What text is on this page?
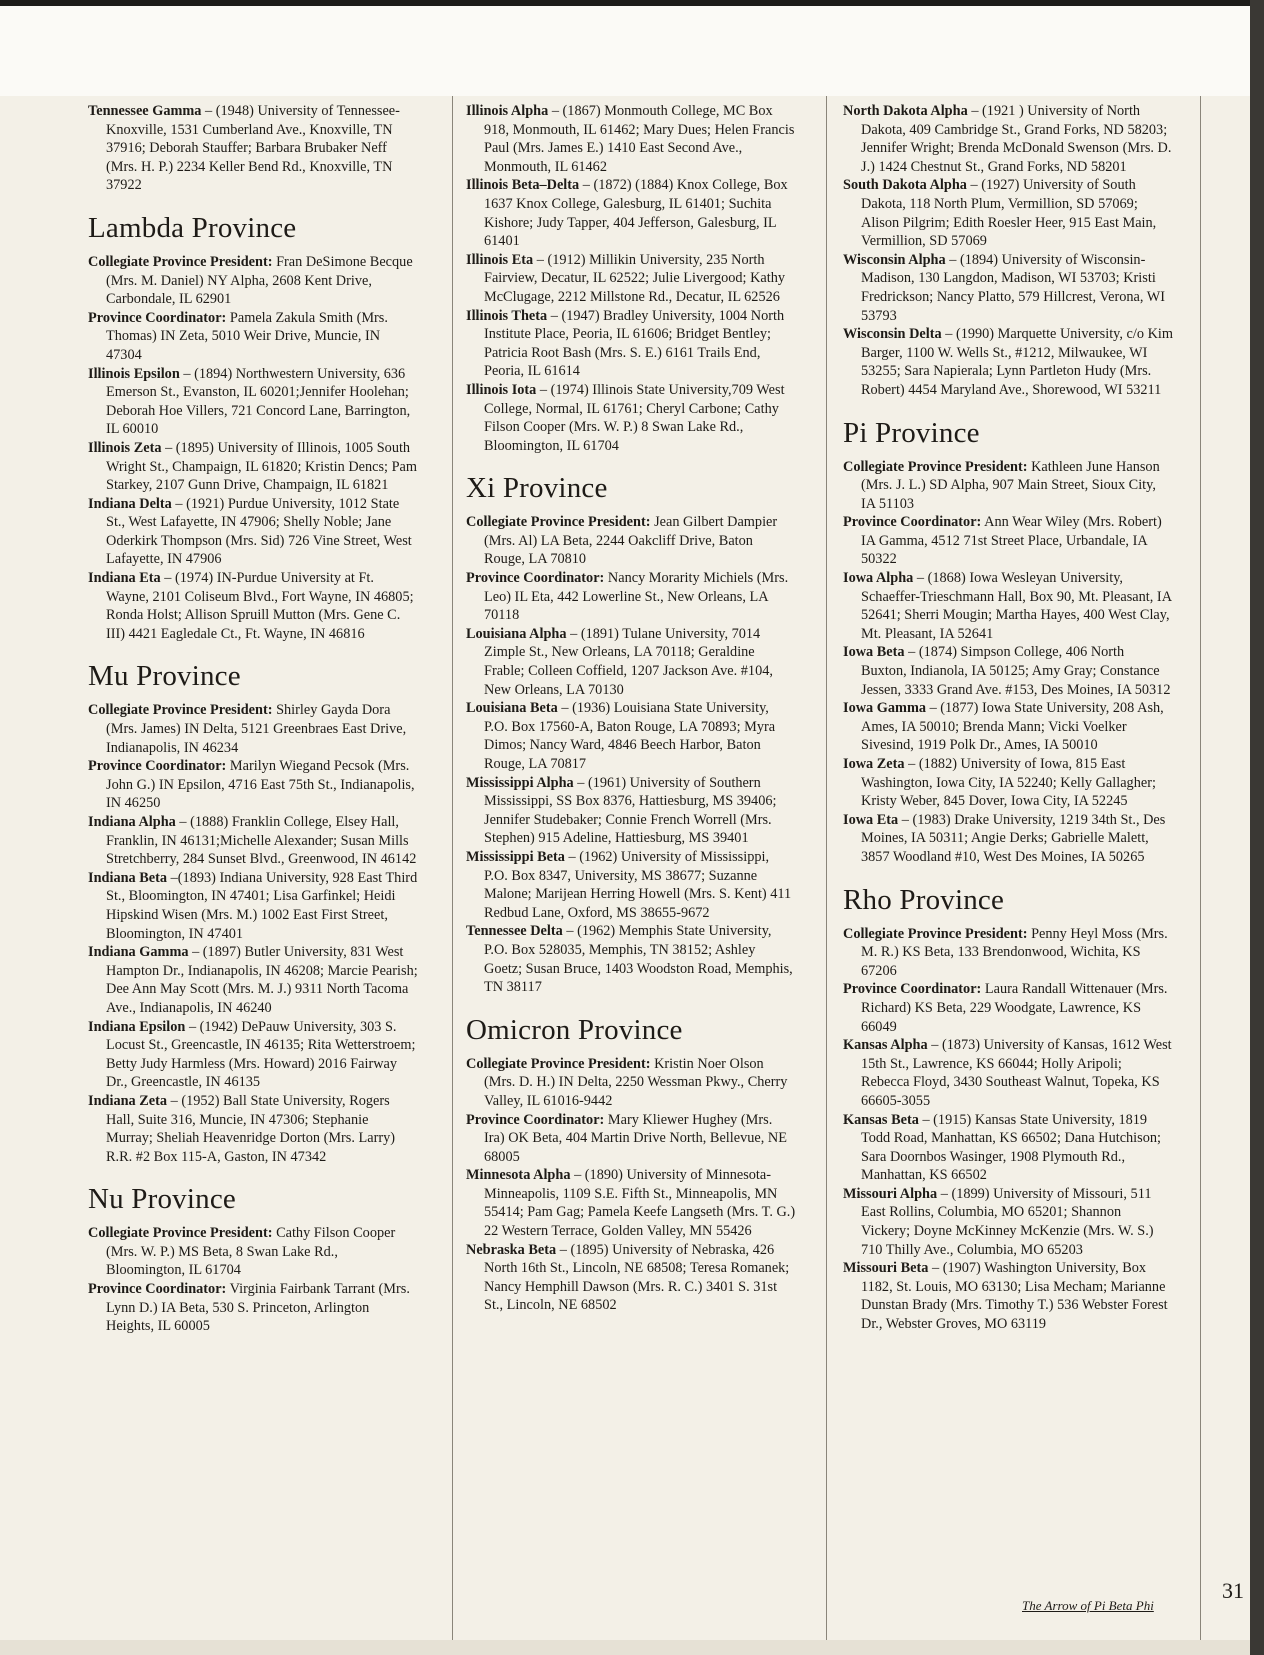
Tennessee Gamma – (1948) University of Tennessee-Knoxville, 1531 Cumberland Ave., Knoxville, TN 37916; Deborah Stauffer; Barbara Brubaker Neff (Mrs. H. P.) 2234 Keller Bend Rd., Knoxville, TN 37922

Lambda Province

Collegiate Province President: Fran DeSimone Becque (Mrs. M. Daniel) NY Alpha, 2608 Kent Drive, Carbondale, IL 62901

Province Coordinator: Pamela Zakula Smith (Mrs. Thomas) IN Zeta, 5010 Weir Drive, Muncie, IN 47304

Illinois Epsilon – (1894) Northwestern University, 636 Emerson St., Evanston, IL 60201;Jennifer Hoolehan; Deborah Hoe Villers, 721 Concord Lane, Barrington, IL 60010

Illinois Zeta – (1895) University of Illinois, 1005 South Wright St., Champaign, IL 61820; Kristin Dencs; Pam Starkey, 2107 Gunn Drive, Champaign, IL 61821

Indiana Delta – (1921) Purdue University, 1012 State St., West Lafayette, IN 47906; Shelly Noble; Jane Oderkirk Thompson (Mrs. Sid) 726 Vine Street, West Lafayette, IN 47906

Indiana Eta – (1974) IN-Purdue University at Ft. Wayne, 2101 Coliseum Blvd., Fort Wayne, IN 46805; Ronda Holst; Allison Spruill Mutton (Mrs. Gene C. III) 4421 Eagledale Ct., Ft. Wayne, IN 46816

Mu Province

Collegiate Province President: Shirley Gayda Dora (Mrs. James) IN Delta, 5121 Greenbraes East Drive, Indianapolis, IN 46234

Province Coordinator: Marilyn Wiegand Pecsok (Mrs. John G.) IN Epsilon, 4716 East 75th St., Indianapolis, IN 46250

Indiana Alpha – (1888) Franklin College, Elsey Hall, Franklin, IN 46131;Michelle Alexander; Susan Mills Stretchberry, 284 Sunset Blvd., Greenwood, IN 46142

Indiana Beta –(1893) Indiana University, 928 East Third St., Bloomington, IN 47401; Lisa Garfinkel; Heidi Hipskind Wisen (Mrs. M.) 1002 East First Street, Bloomington, IN 47401

Indiana Gamma – (1897) Butler University, 831 West Hampton Dr., Indianapolis, IN 46208; Marcie Pearish; Dee Ann May Scott (Mrs. M. J.) 9311 North Tacoma Ave., Indianapolis, IN 46240

Indiana Epsilon – (1942) DePauw University, 303 S. Locust St., Greencastle, IN 46135; Rita Wetterstroem; Betty Judy Harmless (Mrs. Howard) 2016 Fairway Dr., Greencastle, IN 46135

Indiana Zeta – (1952) Ball State University, Rogers Hall, Suite 316, Muncie, IN 47306; Stephanie Murray; Sheliah Heavenridge Dorton (Mrs. Larry) R.R. #2 Box 115-A, Gaston, IN 47342

Nu Province

Collegiate Province President: Cathy Filson Cooper (Mrs. W. P.) MS Beta, 8 Swan Lake Rd., Bloomington, IL 61704

Province Coordinator: Virginia Fairbank Tarrant (Mrs. Lynn D.) IA Beta, 530 S. Princeton, Arlington Heights, IL 60005

Illinois Alpha – (1867) Monmouth College, MC Box 918, Monmouth, IL 61462; Mary Dues; Helen Francis Paul (Mrs. James E.) 1410 East Second Ave., Monmouth, IL 61462

Illinois Beta–Delta – (1872) (1884) Knox College, Box 1637 Knox College, Galesburg, IL 61401; Suchita Kishore; Judy Tapper, 404 Jefferson, Galesburg, IL 61401

Illinois Eta – (1912) Millikin University, 235 North Fairview, Decatur, IL 62522; Julie Livergood; Kathy McClugage, 2212 Millstone Rd., Decatur, IL 62526

Illinois Theta – (1947) Bradley University, 1004 North Institute Place, Peoria, IL 61606; Bridget Bentley; Patricia Root Bash (Mrs. S. E.) 6161 Trails End, Peoria, IL 61614

Illinois Iota – (1974) Illinois State University,709 West College, Normal, IL 61761; Cheryl Carbone; Cathy Filson Cooper (Mrs. W. P.) 8 Swan Lake Rd., Bloomington, IL 61704

Xi Province

Collegiate Province President: Jean Gilbert Dampier (Mrs. Al) LA Beta, 2244 Oakcliff Drive, Baton Rouge, LA 70810

Province Coordinator: Nancy Morarity Michiels (Mrs. Leo) IL Eta, 442 Lowerline St., New Orleans, LA 70118

Louisiana Alpha – (1891) Tulane University, 7014 Zimple St., New Orleans, LA 70118; Geraldine Frable; Colleen Coffield, 1207 Jackson Ave. #104, New Orleans, LA 70130

Louisiana Beta – (1936) Louisiana State University, P.O. Box 17560-A, Baton Rouge, LA 70893; Myra Dimos; Nancy Ward, 4846 Beech Harbor, Baton Rouge, LA 70817

Mississippi Alpha – (1961) University of Southern Mississippi, SS Box 8376, Hattiesburg, MS 39406; Jennifer Studebaker; Connie French Worrell (Mrs. Stephen) 915 Adeline, Hattiesburg, MS 39401

Mississippi Beta – (1962) University of Mississippi, P.O. Box 8347, University, MS 38677; Suzanne Malone; Marijean Herring Howell (Mrs. S. Kent) 411 Redbud Lane, Oxford, MS 38655-9672

Tennessee Delta – (1962) Memphis State University, P.O. Box 528035, Memphis, TN 38152; Ashley Goetz; Susan Bruce, 1403 Woodston Road, Memphis, TN 38117

Omicron Province

Collegiate Province President: Kristin Noer Olson (Mrs. D. H.) IN Delta, 2250 Wessman Pkwy., Cherry Valley, IL 61016-9442

Province Coordinator: Mary Kliewer Hughey (Mrs. Ira) OK Beta, 404 Martin Drive North, Bellevue, NE 68005

Minnesota Alpha – (1890) University of Minnesota-Minneapolis, 1109 S.E. Fifth St., Minneapolis, MN 55414; Pam Gag; Pamela Keefe Langseth (Mrs. T. G.) 22 Western Terrace, Golden Valley, MN 55426

Nebraska Beta – (1895) University of Nebraska, 426 North 16th St., Lincoln, NE 68508; Teresa Romanek; Nancy Hemphill Dawson (Mrs. R. C.) 3401 S. 31st St., Lincoln, NE 68502

North Dakota Alpha – (1921 ) University of North Dakota, 409 Cambridge St., Grand Forks, ND 58203; Jennifer Wright; Brenda McDonald Swenson (Mrs. D. J.) 1424 Chestnut St., Grand Forks, ND 58201

South Dakota Alpha – (1927) University of South Dakota, 118 North Plum, Vermillion, SD 57069; Alison Pilgrim; Edith Roesler Heer, 915 East Main, Vermillion, SD 57069

Wisconsin Alpha – (1894) University of Wisconsin-Madison, 130 Langdon, Madison, WI 53703; Kristi Fredrickson; Nancy Platto, 579 Hillcrest, Verona, WI 53793

Wisconsin Delta – (1990) Marquette University, c/o Kim Barger, 1100 W. Wells St., #1212, Milwaukee, WI 53255; Sara Napierala; Lynn Partleton Hudy (Mrs. Robert) 4454 Maryland Ave., Shorewood, WI 53211

Pi Province

Collegiate Province President: Kathleen June Hanson (Mrs. J. L.) SD Alpha, 907 Main Street, Sioux City, IA 51103

Province Coordinator: Ann Wear Wiley (Mrs. Robert) IA Gamma, 4512 71st Street Place, Urbandale, IA 50322

Iowa Alpha – (1868) Iowa Wesleyan University, Schaeffer-Trieschmann Hall, Box 90, Mt. Pleasant, IA 52641; Sherri Mougin; Martha Hayes, 400 West Clay, Mt. Pleasant, IA 52641

Iowa Beta – (1874) Simpson College, 406 North Buxton, Indianola, IA 50125; Amy Gray; Constance Jessen, 3333 Grand Ave. #153, Des Moines, IA 50312

Iowa Gamma – (1877) Iowa State University, 208 Ash, Ames, IA 50010; Brenda Mann; Vicki Voelker Sivesind, 1919 Polk Dr., Ames, IA 50010

Iowa Zeta – (1882) University of Iowa, 815 East Washington, Iowa City, IA 52240; Kelly Gallagher; Kristy Weber, 845 Dover, Iowa City, IA 52245

Iowa Eta – (1983) Drake University, 1219 34th St., Des Moines, IA 50311; Angie Derks; Gabrielle Malett, 3857 Woodland #10, West Des Moines, IA 50265

Rho Province

Collegiate Province President: Penny Heyl Moss (Mrs. M. R.) KS Beta, 133 Brendonwood, Wichita, KS 67206

Province Coordinator: Laura Randall Wittenauer (Mrs. Richard) KS Beta, 229 Woodgate, Lawrence, KS 66049

Kansas Alpha – (1873) University of Kansas, 1612 West 15th St., Lawrence, KS 66044; Holly Aripoli; Rebecca Floyd, 3430 Southeast Walnut, Topeka, KS 66605-3055

Kansas Beta – (1915) Kansas State University, 1819 Todd Road, Manhattan, KS 66502; Dana Hutchison; Sara Doornbos Wasinger, 1908 Plymouth Rd., Manhattan, KS 66502

Missouri Alpha – (1899) University of Missouri, 511 East Rollins, Columbia, MO 65201; Shannon Vickery; Doyne McKinney McKenzie (Mrs. W. S.) 710 Thilly Ave., Columbia, MO 65203

Missouri Beta – (1907) Washington University, Box 1182, St. Louis, MO 63130; Lisa Mecham; Marianne Dunstan Brady (Mrs. Timothy T.) 536 Webster Forest Dr., Webster Groves, MO 63119

31
The Arrow of Pi Beta Phi
